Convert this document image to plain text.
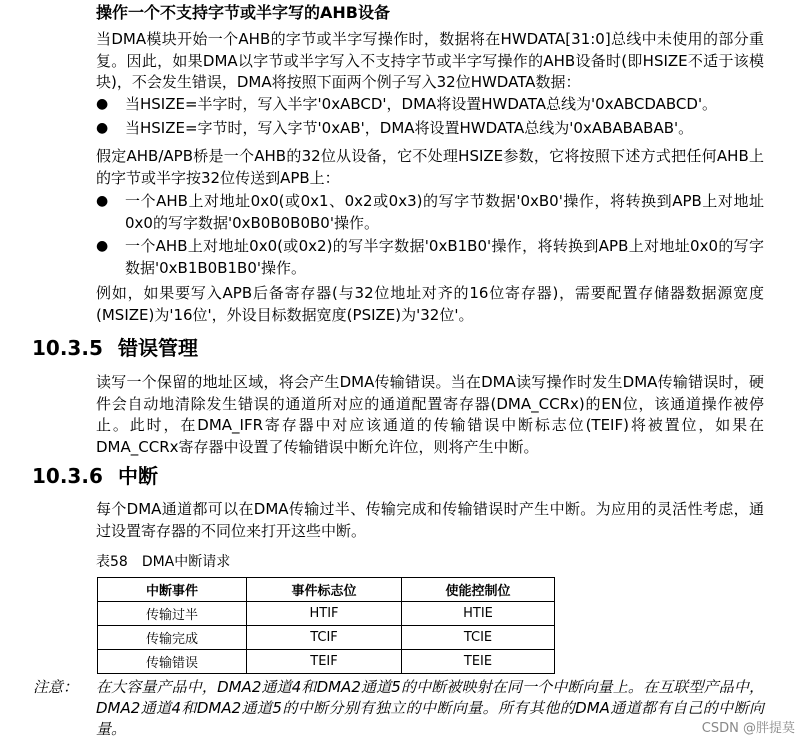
操作一个不支持字节或半字写的AHB设备
当DMA模块开始一个AHB的字节或半字写操作时，数据将在HWDATA[31:0]总线中未使用的部分重复。因此，如果DMA以字节或半字写入不支持字节或半字写操作的AHB设备时(即HSIZE不适于该模块)，不会发生错误，DMA将按照下面两个例子写入32位HWDATA数据：
● 当HSIZE=半字时，写入半字'0xABCD'，DMA将设置HWDATA总线为'0xABCDABCD'。
● 当HSIZE=字节时，写入字节'0xAB'，DMA将设置HWDATA总线为'0xABABABAB'。
假定AHB/APB桥是一个AHB的32位从设备，它不处理HSIZE参数，它将按照下述方式把任何AHB上的字节或半字按32位传送到APB上：
● 一个AHB上对地址0x0(或0x1、0x2或0x3)的写字节数据'0xB0'操作，将转换到APB上对地址0x0的写字数据'0xB0B0B0B0'操作。
● 一个AHB上对地址0x0(或0x2)的写半字数据'0xB1B0'操作，将转换到APB上对地址0x0的写字数据'0xB1B0B1B0'操作。
例如，如果要写入APB后备寄存器(与32位地址对齐的16位寄存器)，需要配置存储器数据源宽度(MSIZE)为'16位'，外设目标数据宽度(PSIZE)为'32位'。
10.3.5 错误管理
读写一个保留的地址区域，将会产生DMA传输错误。当在DMA读写操作时发生DMA传输错误时，硬件会自动地清除发生错误的通道所对应的通道配置寄存器(DMA_CCRx)的EN位，该通道操作被停止。此时，在DMA_IFR寄存器中对应该通道的传输错误中断标志位(TEIF)将被置位，如果在DMA_CCRx寄存器中设置了传输错误中断允许位，则将产生中断。
10.3.6 中断
每个DMA通道都可以在DMA传输过半、传输完成和传输错误时产生中断。为应用的灵活性考虑，通过设置寄存器的不同位来打开这些中断。
表58　DMA中断请求
中断事件	事件标志位	使能控制位
传输过半	HTIF	HTIE
传输完成	TCIF	TCIE
传输错误	TEIF	TEIE
注意： 在大容量产品中，DMA2通道4和DMA2通道5的中断被映射在同一个中断向量上。在互联型产品中，DMA2通道4和DMA2通道5的中断分别有独立的中断向量。所有其他的DMA通道都有自己的中断向量。	CSDN @胖提莫
